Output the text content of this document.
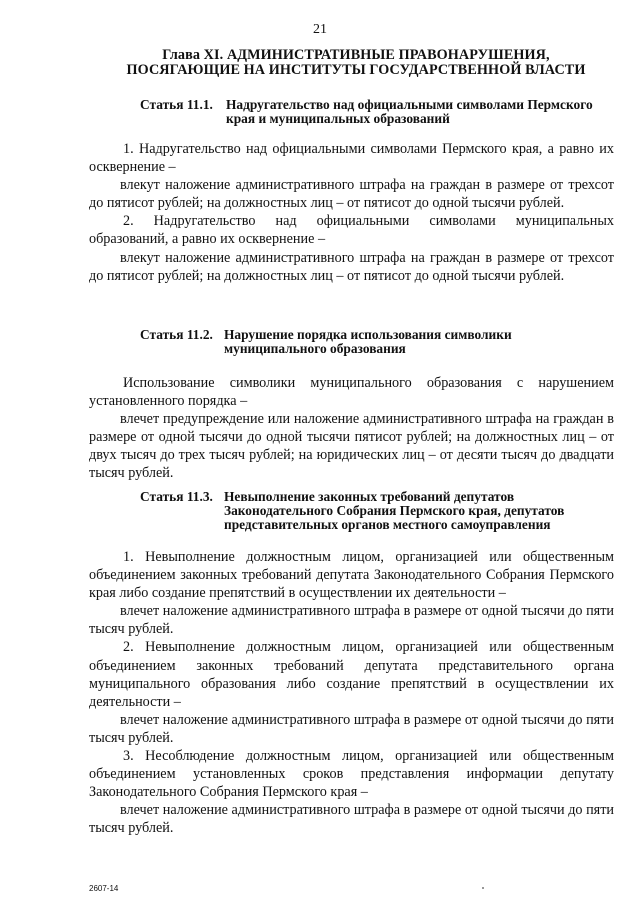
21
Глава XI. АДМИНИСТРАТИВНЫЕ ПРАВОНАРУШЕНИЯ,
ПОСЯГАЮЩИЕ НА ИНСТИТУТЫ ГОСУДАРСТВЕННОЙ ВЛАСТИ
Статья 11.1. Надругательство над официальными символами Пермского края и муниципальных образований

1. Надругательство над официальными символами Пермского края, а равно их осквернение –

влекут наложение административного штрафа на граждан в размере от трехсот до пятисот рублей; на должностных лиц – от пятисот до одной тысячи рублей.

2. Надругательство над официальными символами муниципальных образований, а равно их осквернение –

влекут наложение административного штрафа на граждан в размере от трехсот до пятисот рублей; на должностных лиц – от пятисот до одной тысячи рублей.

Статья 11.2. Нарушение порядка использования символики муниципального образования

Использование символики муниципального образования с нарушением установленного порядка –

влечет предупреждение или наложение административного штрафа на граждан в размере от одной тысячи до одной тысячи пятисот рублей; на должностных лиц – от двух тысяч до трех тысяч рублей; на юридических лиц – от десяти тысяч до двадцати тысяч рублей.

Статья 11.3. Невыполнение законных требований депутатов Законодательного Собрания Пермского края, депутатов представительных органов местного самоуправления

1. Невыполнение должностным лицом, организацией или общественным объединением законных требований депутата Законодательного Собрания Пермского края либо создание препятствий в осуществлении их деятельности –

влечет наложение административного штрафа в размере от одной тысячи до пяти тысяч рублей.

2. Невыполнение должностным лицом, организацией или общественным объединением законных требований депутата представительного органа муниципального образования либо создание препятствий в осуществлении их деятельности –

влечет наложение административного штрафа в размере от одной тысячи до пяти тысяч рублей.

3. Несоблюдение должностным лицом, организацией или общественным объединением установленных сроков представления информации депутату Законодательного Собрания Пермского края –

влечет наложение административного штрафа в размере от одной тысячи до пяти тысяч рублей.

2607-14
